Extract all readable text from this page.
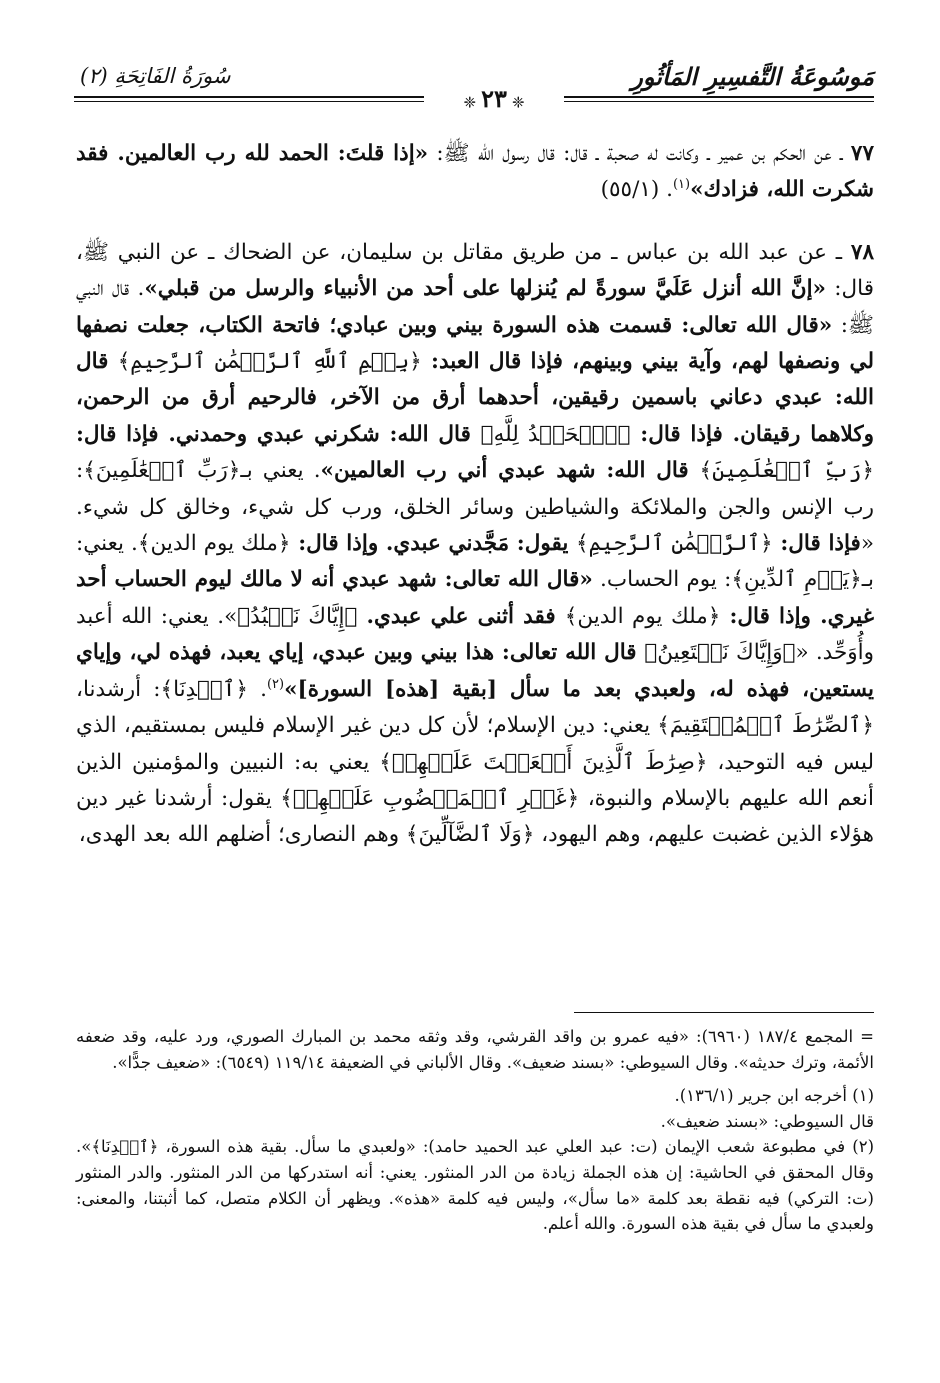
مَوسُوعَةُ التَّفسِيرِ المَأثُورِ
سُورَةُ الفَاتِحَةِ (٢)
❈ ٢٣ ❈

٧٧ ـ عن الحكم بن عمير ـ وكانت له صحبة ـ قال: قال رسول الله ﷺ: «إذا قلتَ: الحمد لله رب العالمين. فقد شكرت الله، فزادك»$^{(١)}$. (٥٥/١)

٧٨ ـ عن عبد الله بن عباس ـ من طريق مقاتل بن سليمان، عن الضحاك ـ عن النبي ﷺ، قال: «إنَّ الله أنزل عَلَيَّ سورةً لم يُنزلها على أحد من الأنبياء والرسل من قبلي». قال النبي ﷺ: «قال الله تعالى: قسمت هذه السورة بيني وبين عبادي؛ فاتحة الكتاب، جعلت نصفها لي ونصفها لهم، وآية بيني وبينهم، فإذا قال العبد: ﴿بِسۡمِ ٱللَّهِ ٱلرَّحۡمَٰنِ ٱلرَّحِيمِ﴾ قال الله: عبدي دعاني باسمين رقيقين، أحدهما أرق من الآخر، فالرحيم أرق من الرحمن، وكلاهما رقيقان. فإذا قال: ﴿ٱلۡحَمۡدُ لِلَّهِ﴾ قال الله: شكرني عبدي وحمدني. فإذا قال: ﴿رَبِّ ٱلۡعَٰلَمِينَ﴾ قال الله: شهد عبدي أني رب العالمين». يعني بـ﴿رَبِّ ٱلۡعَٰلَمِينَ﴾: رب الإنس والجن والملائكة والشياطين وسائر الخلق، ورب كل شيء، وخالق كل شيء. «فإذا قال: ﴿ٱلرَّحۡمَٰنِ ٱلرَّحِيمِ﴾ يقول: مَجَّدني عبدي. وإذا قال: ﴿ملك يوم الدين﴾. يعني: بـ﴿يَوۡمِ ٱلدِّينِ﴾: يوم الحساب. «قال الله تعالى: شهد عبدي أنه لا مالك ليوم الحساب أحد غيري. وإذا قال: ﴿ملك يوم الدين﴾ فقد أثنى علي عبدي. ﴿إِيَّاكَ نَعۡبُدُ﴾». يعني: الله أعبد وأُوَحِّد. «﴿وَإِيَّاكَ نَسۡتَعِينُ﴾ قال الله تعالى: هذا بيني وبين عبدي، إياي يعبد، فهذه لي، وإياي يستعين، فهذه له، ولعبدي بعد ما سأل [بقية [هذه] السورة]»$^{(٢)}$. ﴿ٱهۡدِنَا﴾: أرشدنا، ﴿ٱلصِّرَٰطَ ٱلۡمُسۡتَقِيمَ﴾ يعني: دين الإسلام؛ لأن كل دين غير الإسلام فليس بمستقيم، الذي ليس فيه التوحيد، ﴿صِرَٰطَ ٱلَّذِينَ أَنۡعَمۡتَ عَلَيۡهِمۡ﴾ يعني به: النبيين والمؤمنين الذين أنعم الله عليهم بالإسلام والنبوة، ﴿غَيۡرِ ٱلۡمَغۡضُوبِ عَلَيۡهِمۡ﴾ يقول: أرشدنا غير دين هؤلاء الذين غضبت عليهم، وهم اليهود، ﴿وَلَا ٱلضَّآلِّينَ﴾ وهم النصارى؛ أضلهم الله بعد الهدى،

= المجمع ١٨٧/٤ (٦٩٦٠): «فيه عمرو بن واقد القرشي، وقد وثقه محمد بن المبارك الصوري، ورد عليه، وقد ضعفه الأئمة، وترك حديثه». وقال السيوطي: «بسند ضعيف». وقال الألباني في الضعيفة ١١٩/١٤ (٦٥٤٩): «ضعيف جدًّا».

(١) أخرجه ابن جرير (١٣٦/١).

قال السيوطي: «بسند ضعيف».

(٢) في مطبوعة شعب الإيمان (ت: عبد العلي عبد الحميد حامد): «ولعبدي ما سأل. بقية هذه السورة، ﴿ٱهۡدِنَا﴾». وقال المحقق في الحاشية: إن هذه الجملة زيادة من الدر المنثور. يعني: أنه استدركها من الدر المنثور. والدر المنثور (ت: التركي) فيه نقطة بعد كلمة «ما سأل»، وليس فيه كلمة «هذه». ويظهر أن الكلام متصل، كما أثبتنا، والمعنى: ولعبدي ما سأل في بقية هذه السورة. والله أعلم.
